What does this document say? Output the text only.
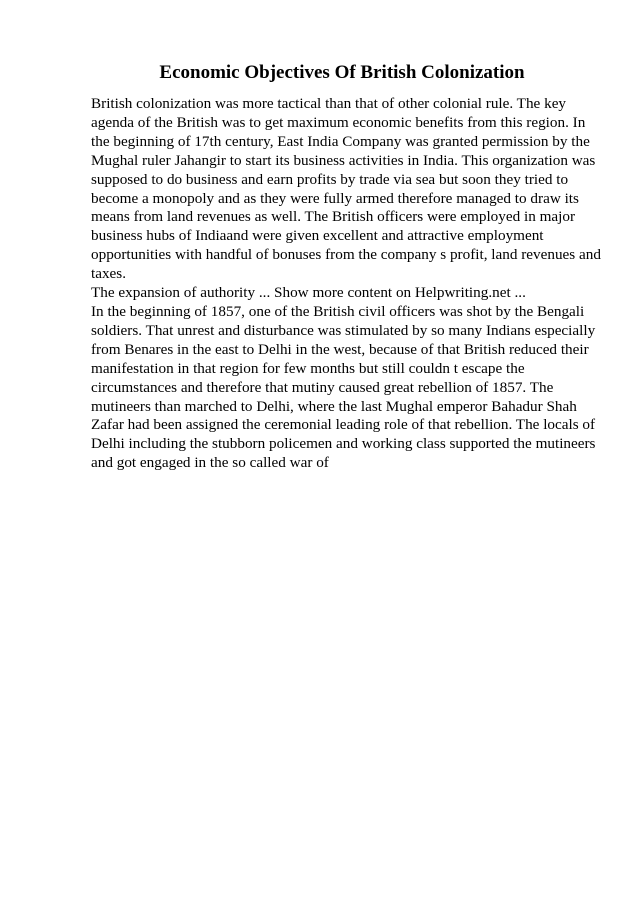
Economic Objectives Of British Colonization
British colonization was more tactical than that of other colonial rule. The key
agenda of the British was to get maximum economic benefits from this region. In
the beginning of 17th century, East India Company was granted permission by the
Mughal ruler Jahangir to start its business activities in India. This organization was
supposed to do business and earn profits by trade via sea but soon they tried to
become a monopoly and as they were fully armed therefore managed to draw its
means from land revenues as well. The British officers were employed in major
business hubs of Indiaand were given excellent and attractive employment
opportunities with handful of bonuses from the company s profit, land revenues and
taxes.
The expansion of authority ... Show more content on Helpwriting.net ...
In the beginning of 1857, one of the British civil officers was shot by the Bengali
soldiers. That unrest and disturbance was stimulated by so many Indians especially
from Benares in the east to Delhi in the west, because of that British reduced their
manifestation in that region for few months but still couldn t escape the
circumstances and therefore that mutiny caused great rebellion of 1857. The
mutineers than marched to Delhi, where the last Mughal emperor Bahadur Shah
Zafar had been assigned the ceremonial leading role of that rebellion. The locals of
Delhi including the stubborn policemen and working class supported the mutineers
and got engaged in the so called war of
